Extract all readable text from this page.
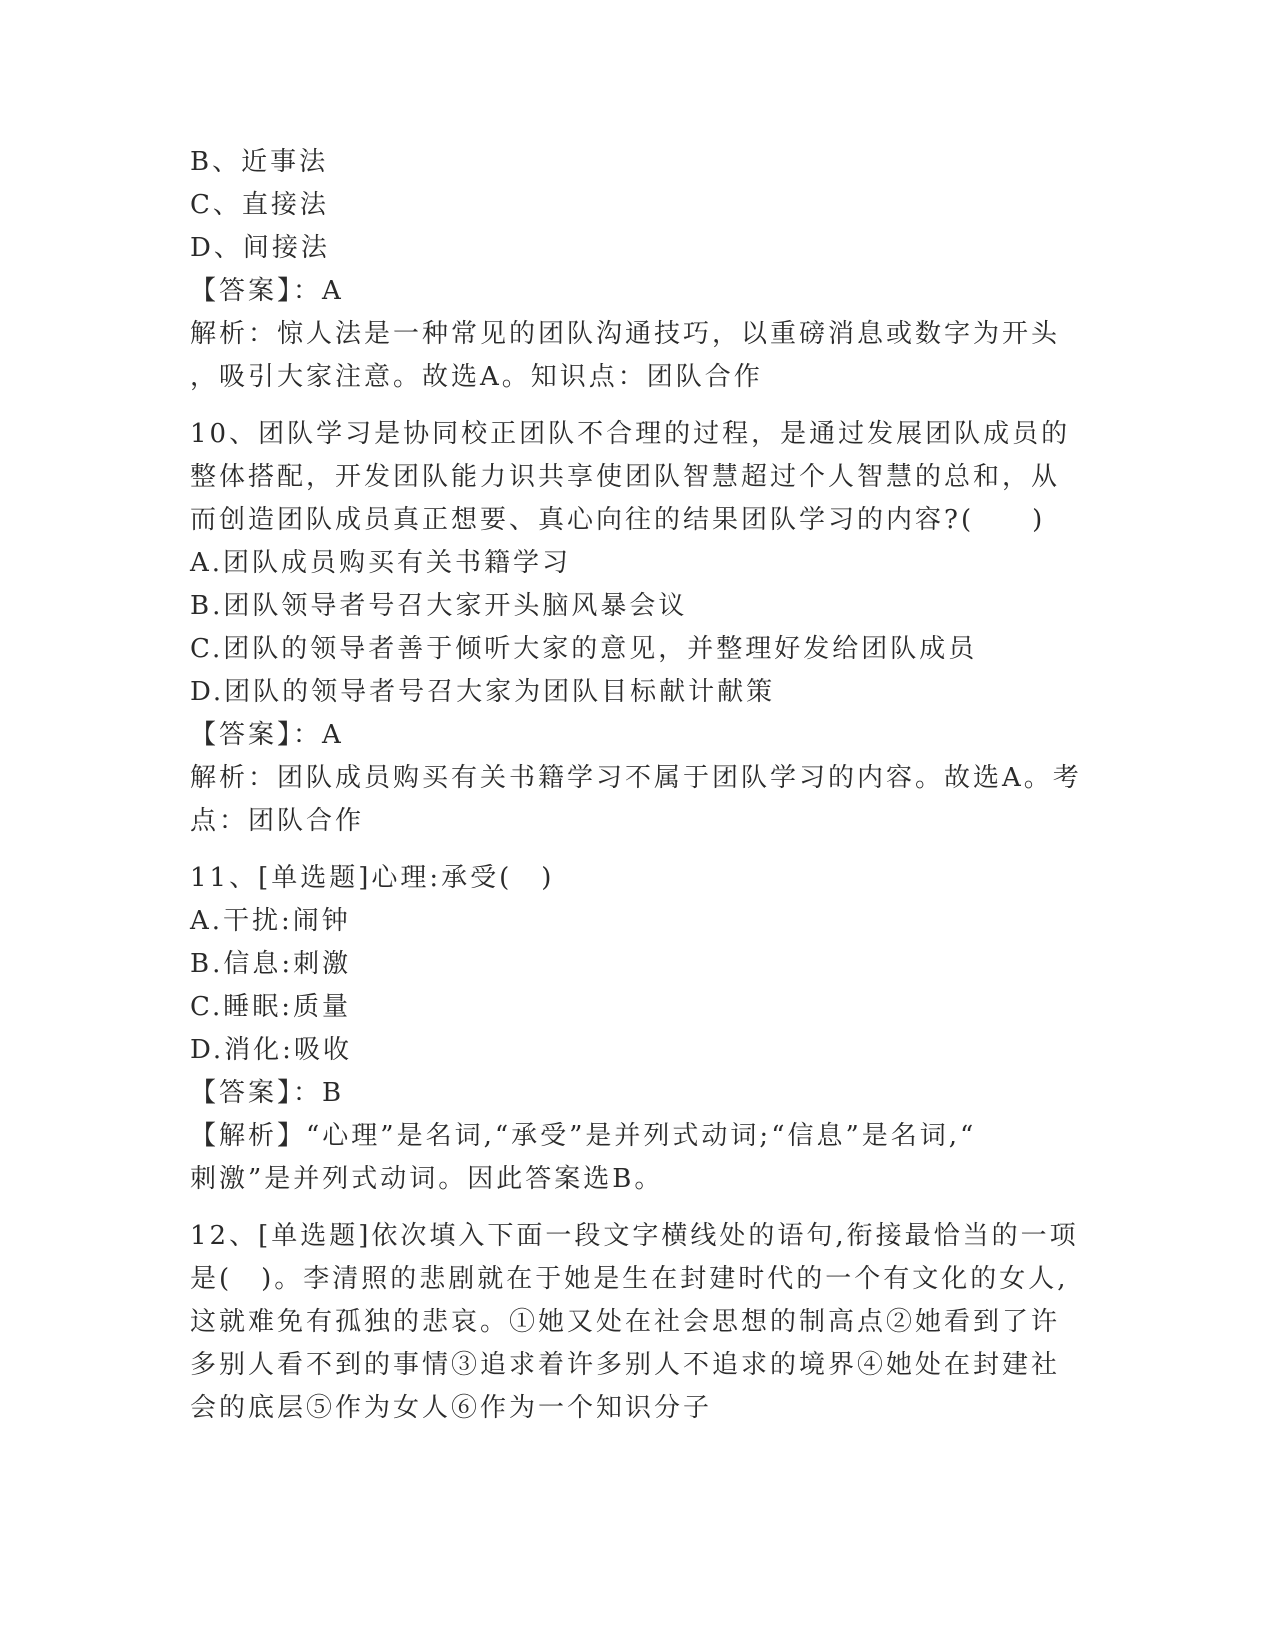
B、近事法
C、直接法
D、间接法
【答案】：A
解析：惊人法是一种常见的团队沟通技巧，以重磅消息或数字为开头
，吸引大家注意。故选A。知识点：团队合作
10、团队学习是协同校正团队不合理的过程，是通过发展团队成员的
整体搭配，开发团队能力识共享使团队智慧超过个人智慧的总和，从
而创造团队成员真正想要、真心向往的结果团队学习的内容?(　　)
A.团队成员购买有关书籍学习
B.团队领导者号召大家开头脑风暴会议
C.团队的领导者善于倾听大家的意见，并整理好发给团队成员
D.团队的领导者号召大家为团队目标献计献策
【答案】：A
解析：团队成员购买有关书籍学习不属于团队学习的内容。故选A。考
点：团队合作
11、[单选题]心理:承受(　)
A.干扰:闹钟
B.信息:刺激
C.睡眠:质量
D.消化:吸收
【答案】：B
【解析】“心理”是名词,“承受”是并列式动词;“信息”是名词,“
刺激”是并列式动词。因此答案选B。
12、[单选题]依次填入下面一段文字横线处的语句,衔接最恰当的一项
是(　)。李清照的悲剧就在于她是生在封建时代的一个有文化的女人,
这就难免有孤独的悲哀。①她又处在社会思想的制高点②她看到了许
多别人看不到的事情③追求着许多别人不追求的境界④她处在封建社
会的底层⑤作为女人⑥作为一个知识分子
